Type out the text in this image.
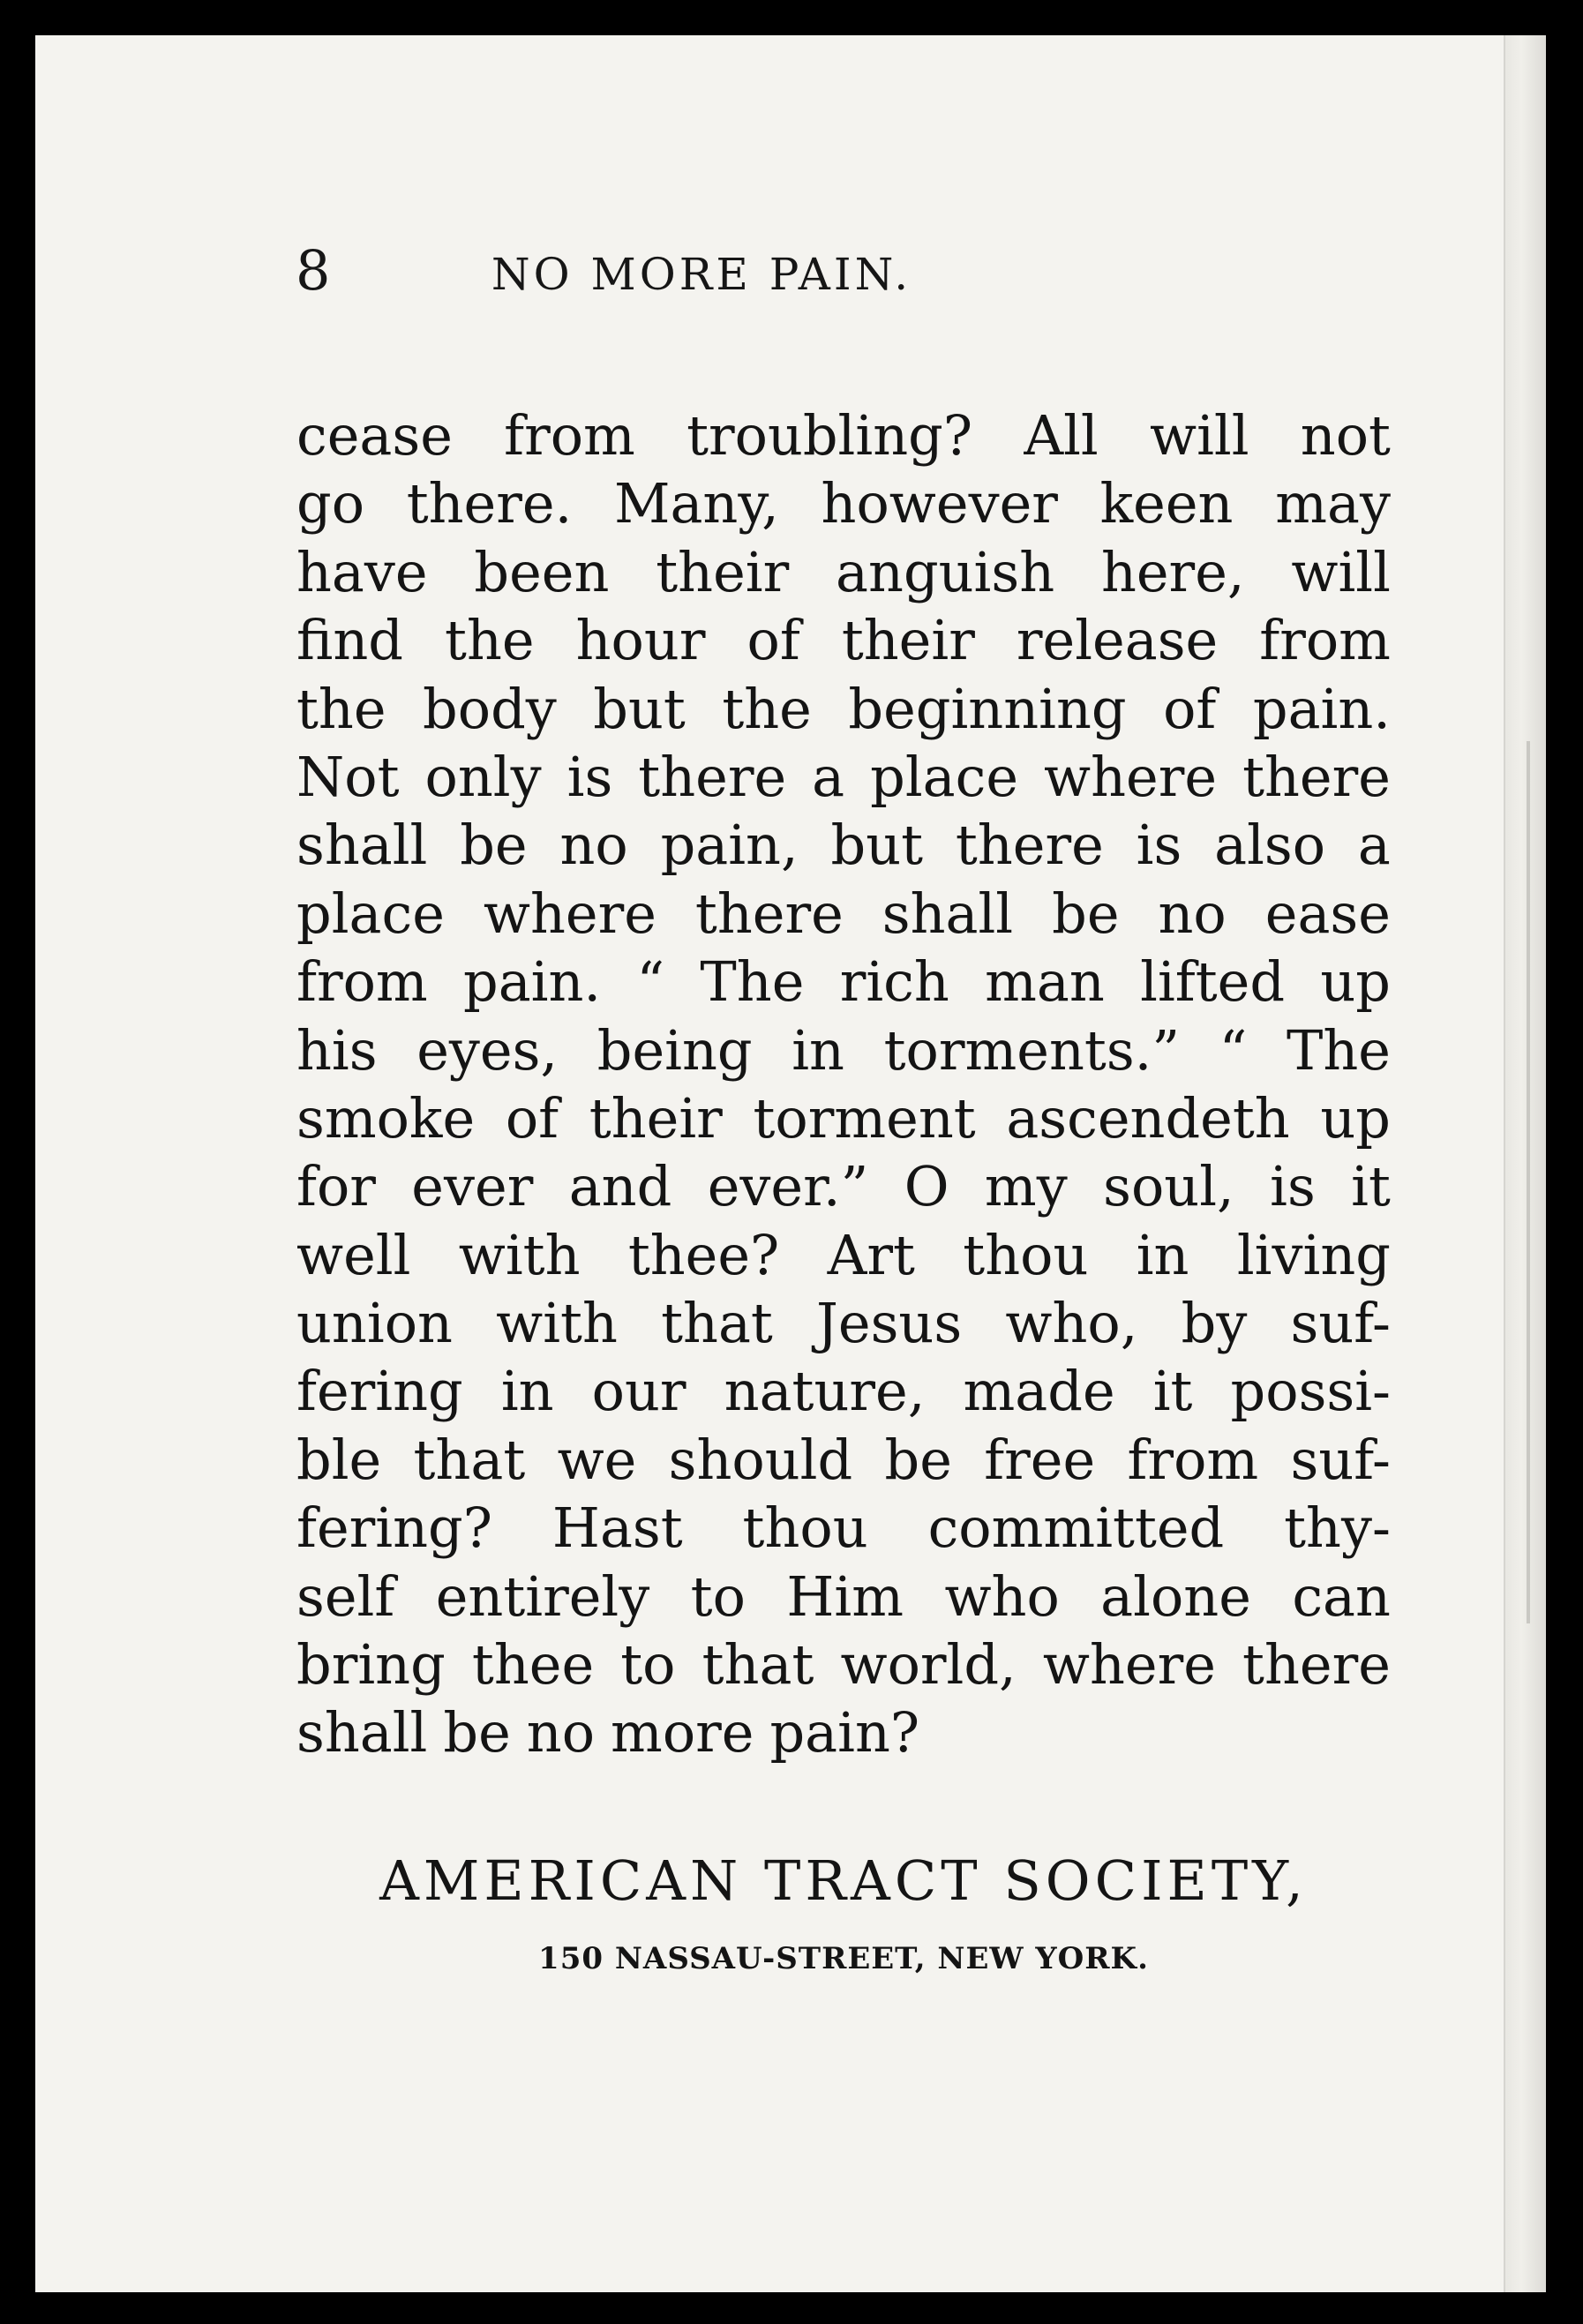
8	NO MORE PAIN.
cease from troubling? All will not
go there. Many, however keen may
have been their anguish here, will
find the hour of their release from
the body but the beginning of pain.
Not only is there a place where there
shall be no pain, but there is also a
place where there shall be no ease
from pain. “ The rich man lifted up
his eyes, being in torments.” “ The
smoke of their torment ascendeth up
for ever and ever.” O my soul, is it
well with thee? Art thou in living
union with that Jesus who, by suf-
fering in our nature, made it possi-
ble that we should be free from suf-
fering? Hast thou committed thy-
self entirely to Him who alone can
bring thee to that world, where there
shall be no more pain?
AMERICAN TRACT SOCIETY,
150 NASSAU-STREET, NEW YORK.
